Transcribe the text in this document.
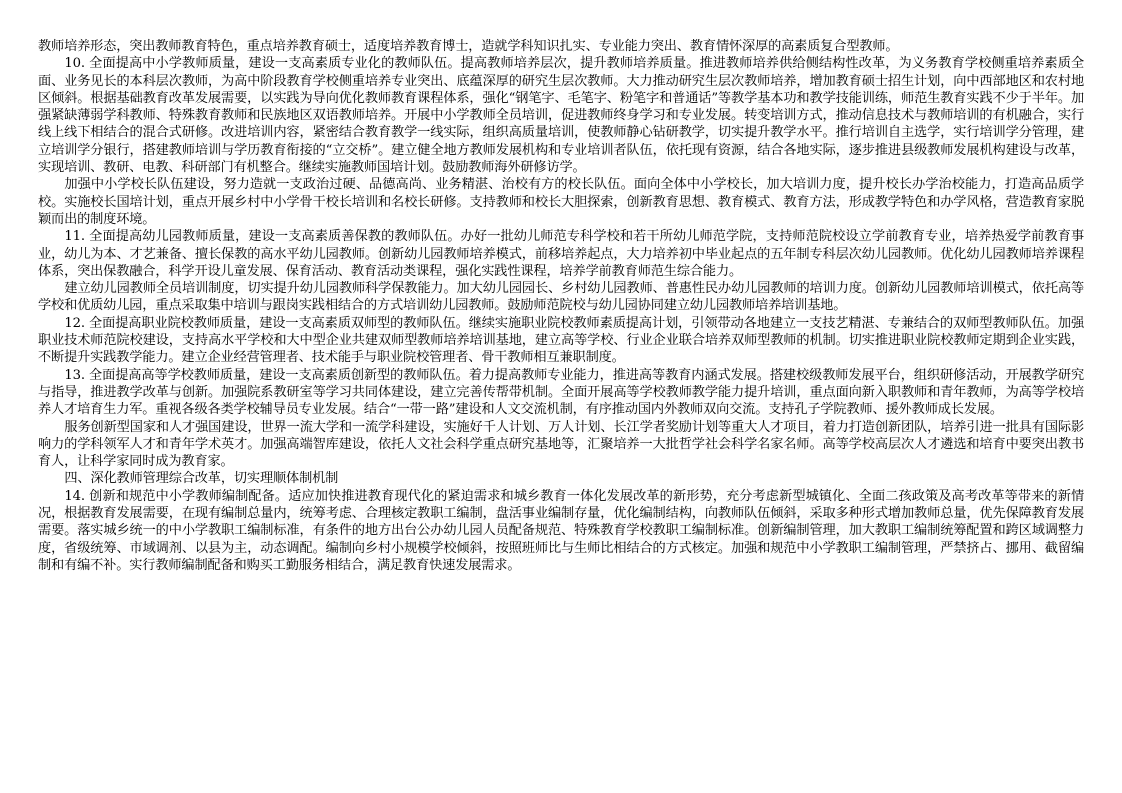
教师培养形态，突出教师教育特色，重点培养教育硕士，适度培养教育博士，造就学科知识扎实、专业能力突出、教育情怀深厚的高素质复合型教师。

10. 全面提高中小学教师质量，建设一支高素质专业化的教师队伍。提高教师培养层次，提升教师培养质量。推进教师培养供给侧结构性改革，为义务教育学校侧重培养素质全面、业务见长的本科层次教师，为高中阶段教育学校侧重培养专业突出、底蕴深厚的研究生层次教师。大力推动研究生层次教师培养，增加教育硕士招生计划，向中西部地区和农村地区倾斜。根据基础教育改革发展需要，以实践为导向优化教师教育课程体系，强化“钢笔字、毛笔字、粉笔字和普通话”等教学基本功和教学技能训练，师范生教育实践不少于半年。加强紧缺薄弱学科教师、特殊教育教师和民族地区双语教师培养。开展中小学教师全员培训，促进教师终身学习和专业发展。转变培训方式，推动信息技术与教师培训的有机融合，实行线上线下相结合的混合式研修。改进培训内容，紧密结合教育教学一线实际，组织高质量培训，使教师静心钻研教学，切实提升教学水平。推行培训自主选学，实行培训学分管理，建立培训学分银行，搭建教师培训与学历教育衔接的“立交桥”。建立健全地方教师发展机构和专业培训者队伍，依托现有资源，结合各地实际，逐步推进县级教师发展机构建设与改革，实现培训、教研、电教、科研部门有机整合。继续实施教师国培计划。鼓励教师海外研修访学。

加强中小学校长队伍建设，努力造就一支政治过硬、品德高尚、业务精湛、治校有方的校长队伍。面向全体中小学校长，加大培训力度，提升校长办学治校能力，打造高品质学校。实施校长国培计划，重点开展乡村中小学骨干校长培训和名校长研修。支持教师和校长大胆探索，创新教育思想、教育模式、教育方法，形成教学特色和办学风格，营造教育家脱颖而出的制度环境。

11. 全面提高幼儿园教师质量，建设一支高素质善保教的教师队伍。办好一批幼儿师范专科学校和若干所幼儿师范学院，支持师范院校设立学前教育专业，培养热爱学前教育事业，幼儿为本、才艺兼备、擅长保教的高水平幼儿园教师。创新幼儿园教师培养模式，前移培养起点，大力培养初中毕业起点的五年制专科层次幼儿园教师。优化幼儿园教师培养课程体系，突出保教融合，科学开设儿童发展、保育活动、教育活动类课程，强化实践性课程，培养学前教育师范生综合能力。

建立幼儿园教师全员培训制度，切实提升幼儿园教师科学保教能力。加大幼儿园园长、乡村幼儿园教师、普惠性民办幼儿园教师的培训力度。创新幼儿园教师培训模式，依托高等学校和优质幼儿园，重点采取集中培训与跟岗实践相结合的方式培训幼儿园教师。鼓励师范院校与幼儿园协同建立幼儿园教师培养培训基地。

12. 全面提高职业院校教师质量，建设一支高素质双师型的教师队伍。继续实施职业院校教师素质提高计划，引领带动各地建立一支技艺精湛、专兼结合的双师型教师队伍。加强职业技术师范院校建设，支持高水平学校和大中型企业共建双师型教师培养培训基地，建立高等学校、行业企业联合培养双师型教师的机制。切实推进职业院校教师定期到企业实践，不断提升实践教学能力。建立企业经营管理者、技术能手与职业院校管理者、骨干教师相互兼职制度。

13. 全面提高高等学校教师质量，建设一支高素质创新型的教师队伍。着力提高教师专业能力，推进高等教育内涵式发展。搭建校级教师发展平台，组织研修活动，开展教学研究与指导，推进教学改革与创新。加强院系教研室等学习共同体建设，建立完善传帮带机制。全面开展高等学校教师教学能力提升培训，重点面向新入职教师和青年教师，为高等学校培养人才培育生力军。重视各级各类学校辅导员专业发展。结合“一带一路”建设和人文交流机制，有序推动国内外教师双向交流。支持孔子学院教师、援外教师成长发展。

服务创新型国家和人才强国建设，世界一流大学和一流学科建设，实施好千人计划、万人计划、长江学者奖励计划等重大人才项目，着力打造创新团队，培养引进一批具有国际影响力的学科领军人才和青年学术英才。加强高端智库建设，依托人文社会科学重点研究基地等，汇聚培养一大批哲学社会科学名家名师。高等学校高层次人才遴选和培育中要突出教书育人，让科学家同时成为教育家。

四、深化教师管理综合改革，切实理顺体制机制

14. 创新和规范中小学教师编制配备。适应加快推进教育现代化的紧迫需求和城乡教育一体化发展改革的新形势，充分考虑新型城镇化、全面二孩政策及高考改革等带来的新情况，根据教育发展需要，在现有编制总量内，统筹考虑、合理核定教职工编制，盘活事业编制存量，优化编制结构，向教师队伍倾斜，采取多种形式增加教师总量，优先保障教育发展需要。落实城乡统一的中小学教职工编制标准，有条件的地方出台公办幼儿园人员配备规范、特殊教育学校教职工编制标准。创新编制管理，加大教职工编制统筹配置和跨区域调整力度，省级统筹、市域调剂、以县为主，动态调配。编制向乡村小规模学校倾斜，按照班师比与生师比相结合的方式核定。加强和规范中小学教职工编制管理，严禁挤占、挪用、截留编制和有编不补。实行教师编制配备和购买工勤服务相结合，满足教育快速发展需求。
